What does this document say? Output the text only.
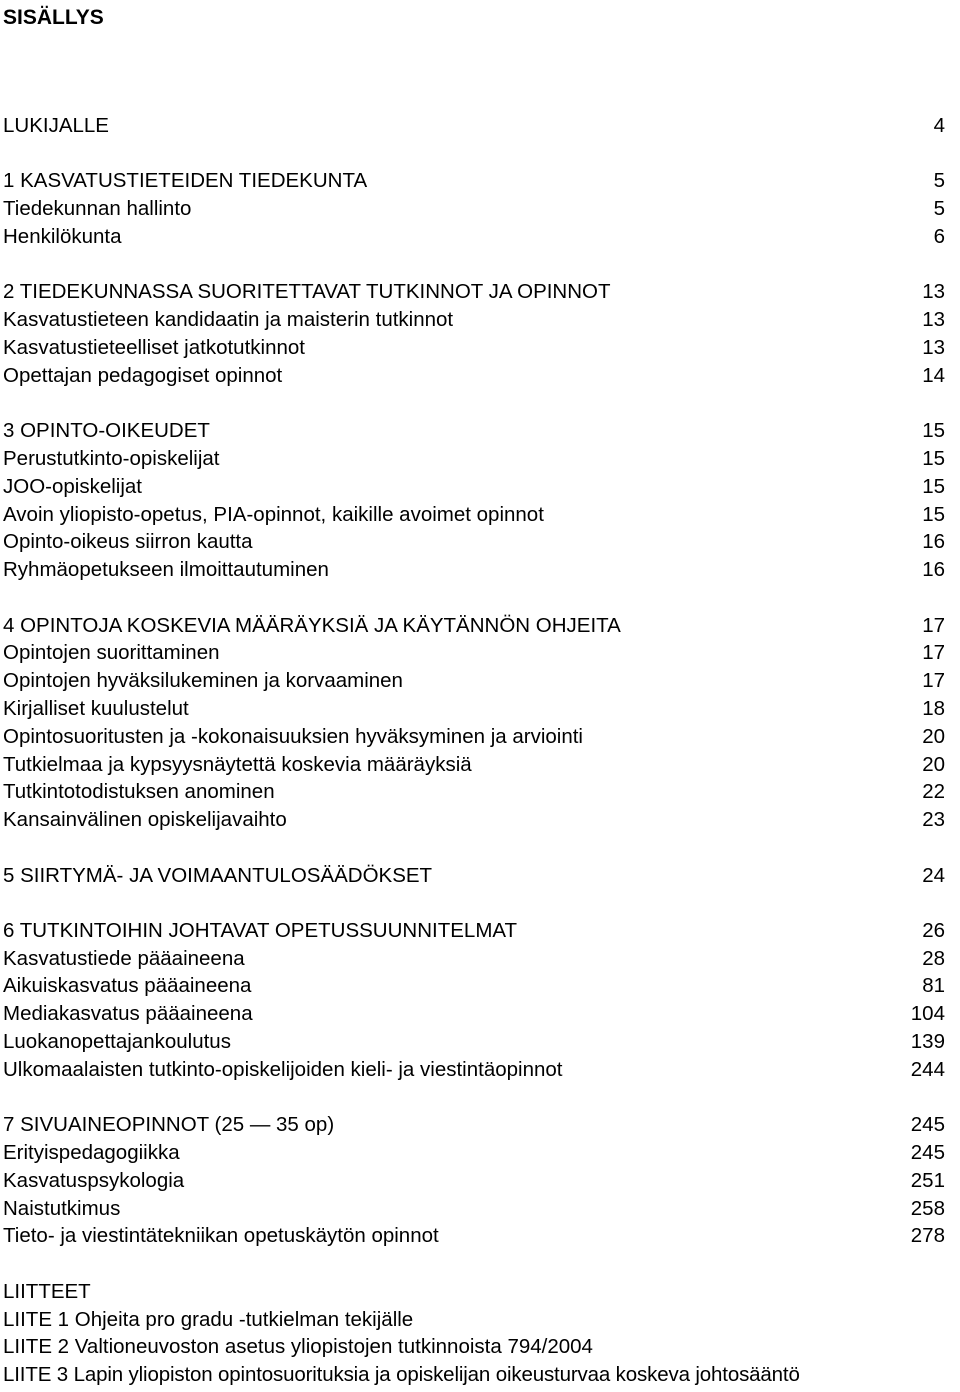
SISÄLLYS
LUKIJALLE	4
1 KASVATUSTIETEIDEN TIEDEKUNTA	5
Tiedekunnan hallinto	5
Henkilökunta	6
2 TIEDEKUNNASSA SUORITETTAVAT TUTKINNOT JA OPINNOT	13
Kasvatustieteen kandidaatin ja maisterin tutkinnot	13
Kasvatustieteelliset jatkotutkinnot	13
Opettajan pedagogiset opinnot	14
3 OPINTO-OIKEUDET	15
Perustutkinto-opiskelijat	15
JOO-opiskelijat	15
Avoin yliopisto-opetus, PIA-opinnot, kaikille avoimet opinnot	15
Opinto-oikeus siirron kautta	16
Ryhmäopetukseen ilmoittautuminen	16
4 OPINTOJA KOSKEVIA MÄÄRÄYKSIÄ JA KÄYTÄNNÖN OHJEITA	17
Opintojen suorittaminen	17
Opintojen hyväksilukeminen ja korvaaminen	17
Kirjalliset kuulustelut	18
Opintosuoritusten ja -kokonaisuuksien hyväksyminen ja arviointi	20
Tutkielmaa ja kypsyysnäytettä koskevia määräyksiä	20
Tutkintotodistuksen anominen	22
Kansainvälinen opiskelijavaihto	23
5 SIIRTYMÄ- JA VOIMAANTULOSÄÄDÖKSET	24
6 TUTKINTOIHIN JOHTAVAT OPETUSSUUNNITELMAT	26
Kasvatustiede pääaineena	28
Aikuiskasvatus pääaineena	81
Mediakasvatus pääaineena	104
Luokanopettajankoulutus	139
Ulkomaalaisten tutkinto-opiskelijoiden kieli- ja viestintäopinnot	244
7 SIVUAINEOPINNOT (25 — 35 op)	245
Erityispedagogiikka	245
Kasvatuspsykologia	251
Naistutkimus	258
Tieto- ja viestintätekniikan opetuskäytön opinnot	278
LIITTEET
LIITE 1 Ohjeita pro gradu -tutkielman tekijälle
LIITE 2 Valtioneuvoston asetus yliopistojen tutkinnoista 794/2004
LIITE 3 Lapin yliopiston opintosuorituksia ja opiskelijan oikeusturvaa koskeva johtosääntö
